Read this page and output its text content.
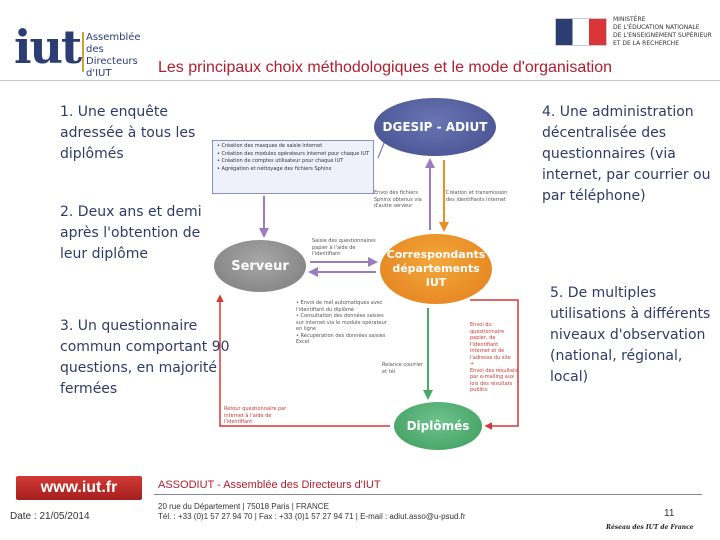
iut Assemblée
des Directeurs
d'IUT
MINISTÈRE
DE L'ÉDUCATION NATIONALE
DE L'ENSEIGNEMENT SUPÉRIEUR
ET DE LA RECHERCHE
Les principaux choix méthodologiques et le mode d'organisation
1. Une enquête adressée à tous les diplômés
2. Deux ans et demi après l'obtention de leur diplôme
3. Un questionnaire commun comportant 90 questions, en majorité fermées
4. Une administration décentralisée des questionnaires (via internet, par courrier ou par téléphone)
5. De multiples utilisations à différents niveaux d'observation (national, régional, local)
DGESIP - ADIUT
Serveur
Correspondants
départements
IUT
Diplômés
• Création des masques de saisie internet
• Création des modules opérateurs internet pour chaque IUT
• Création de comptes utilisateur pour chaque IUT
• Agrégation et nettoyage des fichiers Sphinx
Envoi des fichiers Sphinx obtenus via d'autre serveur
Création et transmission des identifiants internet
Saisie des questionnaires papier à l'aide de l'identifiant
• Envoi de mél automatiques avec l'identifiant du diplômé
• Consultation des données saisies sur internet via le module opérateur en ligne
• Récupération des données saisies Excel
Envoi du questionnaire papier, de l'identifiant internet et de l'adresse du site
+
Envoi des résultats par e-mailing aux lois des résultats publics
Relance courrier et tél
Retour questionnaire par internet à l'aide de l'identifiant
www.iut.fr
Date : 21/05/2014
ASSODIUT - Assemblée des Directeurs d'IUT
20 rue du Département | 75018 Paris | FRANCE
Tél. : +33 (0)1 57 27 94 70 | Fax : +33 (0)1 57 27 94 71 | E-mail : adiut.asso@u-psud.fr	11
Réseau des IUT de France
